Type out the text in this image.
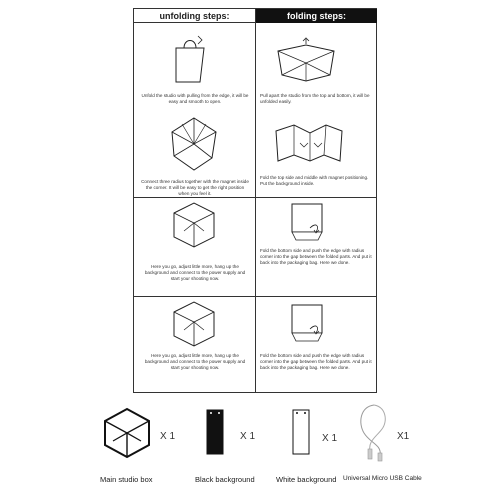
unfolding steps:	folding steps:
Unfold the studio with pulling from the edge, it will be easy and smooth to open.
Connect three radius together with the magnet inside the corner. It will be easy to get the right position when you feel it.
Here you go, adjust little more, hang up the background and connect to the power supply and start your shooting now.
Here you go, adjust little more, hang up the background and connect to the power supply and start your shooting now.
Pull apart the studio from the top and bottom, it will be unfolded easily.
Fold the top side and middle with magnet positioning. Put the background inside.
Fold the bottom side and push the edge with radius corner into the gap between the folded parts. And put it back into the packaging bag. Here we done.
Fold the bottom side and push the edge with radius corner into the gap between the folded parts. And put it back into the packaging bag. Here we done.
X 1
Main studio box
X 1
Black background
X 1
White background
X1
Universal Micro USB Cable
